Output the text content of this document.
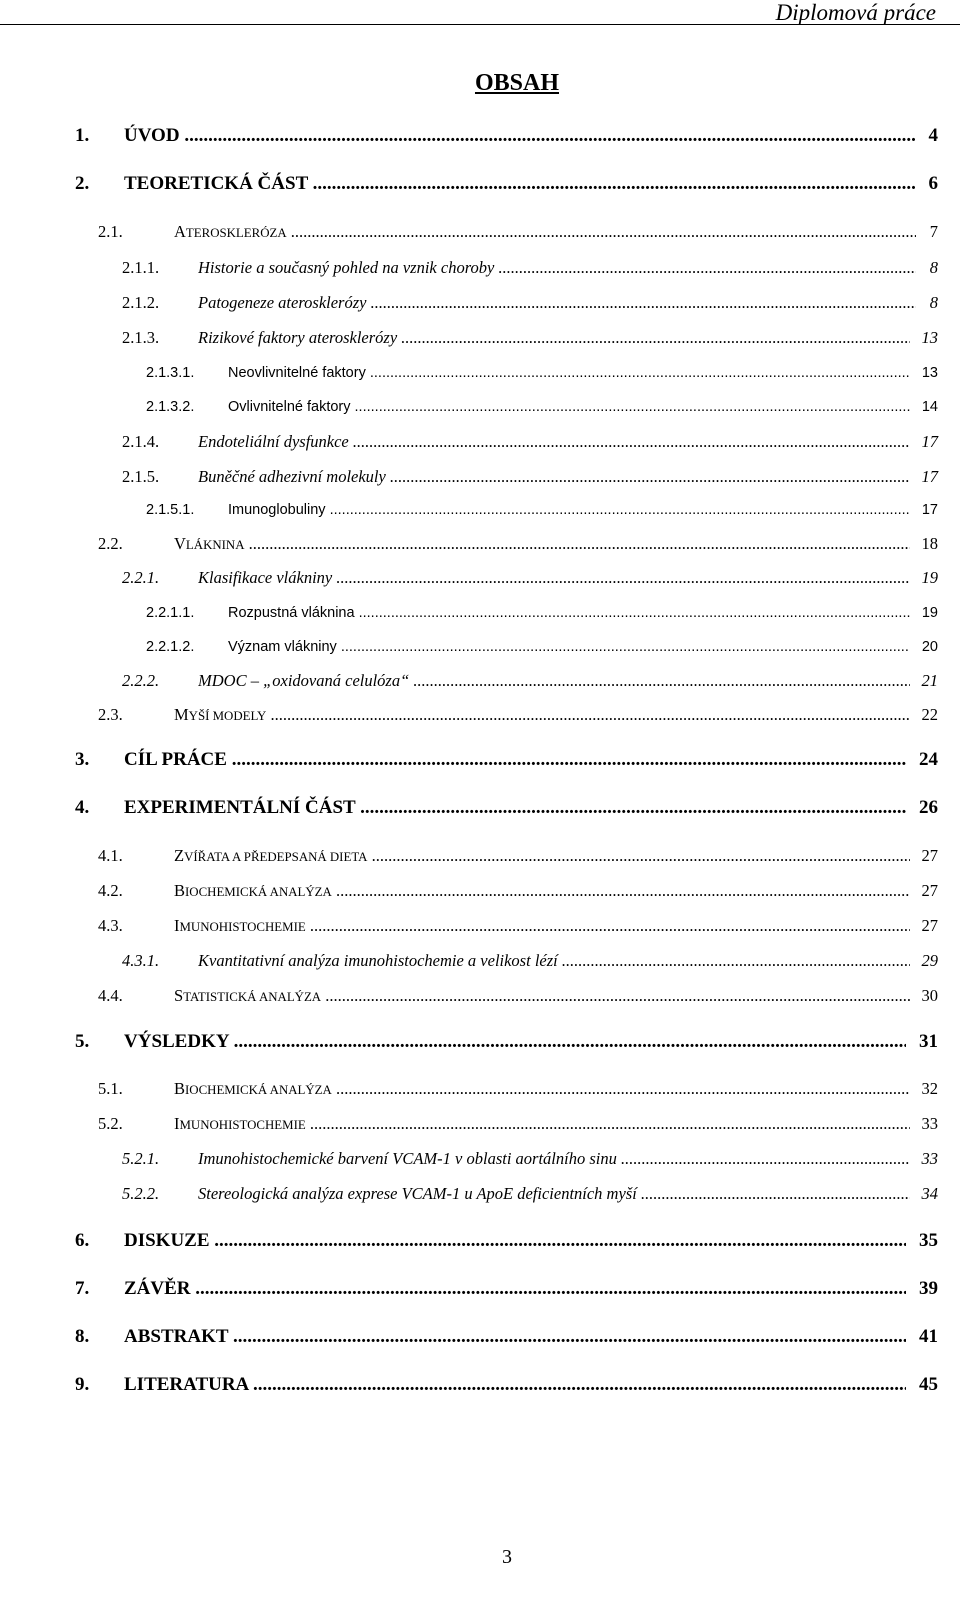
Diplomová práce
OBSAH
1. ÚVOD .....	4
2. TEORETICKÁ ČÁST .....	6
2.1.	ATEROSKLERÓZA .....	7
2.1.1. Historie a současný pohled na vznik choroby .....	8
2.1.2. Patogeneze aterosklerózy .....	8
2.1.3. Rizikové faktory aterosklerózy .....	13
2.1.3.1. Neovlivnitelné faktory .....	13
2.1.3.2. Ovlivnitelné faktory .....	14
2.1.4. Endoteliální dysfunkce .....	17
2.1.5. Buněčné adhezivní molekuly .....	17
2.1.5.1. Imunoglobuliny .....	17
2.2.	VLÁKNINA .....	18
2.2.1. Klasifikace vlákniny .....	19
2.2.1.1. Rozpustná vláknina .....	19
2.2.1.2. Význam vlákniny .....	20
2.2.2. MDOC – „oxidovaná celulóza“ .....	21
2.3.	MYŠÍ MODELY .....	22
3. CÍL PRÁCE .....	24
4. EXPERIMENTÁLNÍ ČÁST .....	26
4.1.	ZVÍŘATA A PŘEDEPSANÁ DIETA .....	27
4.2.	BIOCHEMICKÁ ANALÝZA .....	27
4.3.	IMUNOHISTOCHEMIE .....	27
4.3.1. Kvantitativní analýza imunohistochemie a velikost lézí .....	29
4.4.	STATISTICKÁ ANALÝZA .....	30
5. VÝSLEDKY .....	31
5.1.	BIOCHEMICKÁ ANALÝZA .....	32
5.2.	IMUNOHISTOCHEMIE .....	33
5.2.1. Imunohistochemické barvení VCAM-1 v oblasti aortálního sinu .....	33
5.2.2. Stereologická analýza exprese VCAM-1 u ApoE deficientních myší .....	34
6. DISKUZE .....	35
7. ZÁVĚR .....	39
8. ABSTRAKT .....	41
9. LITERATURA .....	45
3
